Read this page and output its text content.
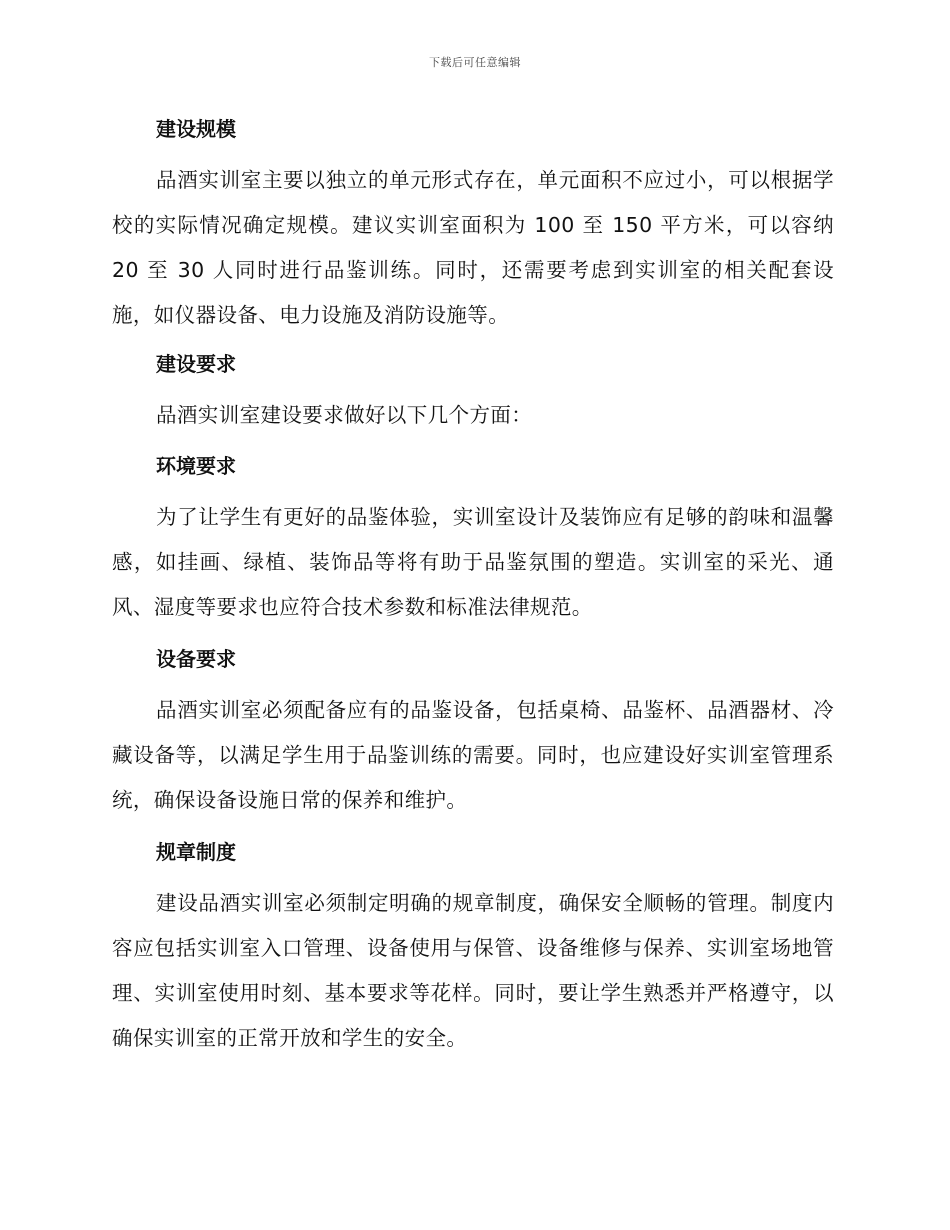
下载后可任意编辑
建设规模

品酒实训室主要以独立的单元形式存在，单元面积不应过小，可以根据学校的实际情况确定规模。建议实训室面积为 100 至 150 平方米，可以容纳 20 至 30 人同时进行品鉴训练。同时，还需要考虑到实训室的相关配套设施，如仪器设备、电力设施及消防设施等。

建设要求

品酒实训室建设要求做好以下几个方面：

环境要求

为了让学生有更好的品鉴体验，实训室设计及装饰应有足够的韵味和温馨感，如挂画、绿植、装饰品等将有助于品鉴氛围的塑造。实训室的采光、通风、湿度等要求也应符合技术参数和标准法律规范。

设备要求

品酒实训室必须配备应有的品鉴设备，包括桌椅、品鉴杯、品酒器材、冷藏设备等，以满足学生用于品鉴训练的需要。同时，也应建设好实训室管理系统，确保设备设施日常的保养和维护。

规章制度

建设品酒实训室必须制定明确的规章制度，确保安全顺畅的管理。制度内容应包括实训室入口管理、设备使用与保管、设备维修与保养、实训室场地管理、实训室使用时刻、基本要求等花样。同时，要让学生熟悉并严格遵守，以确保实训室的正常开放和学生的安全。
